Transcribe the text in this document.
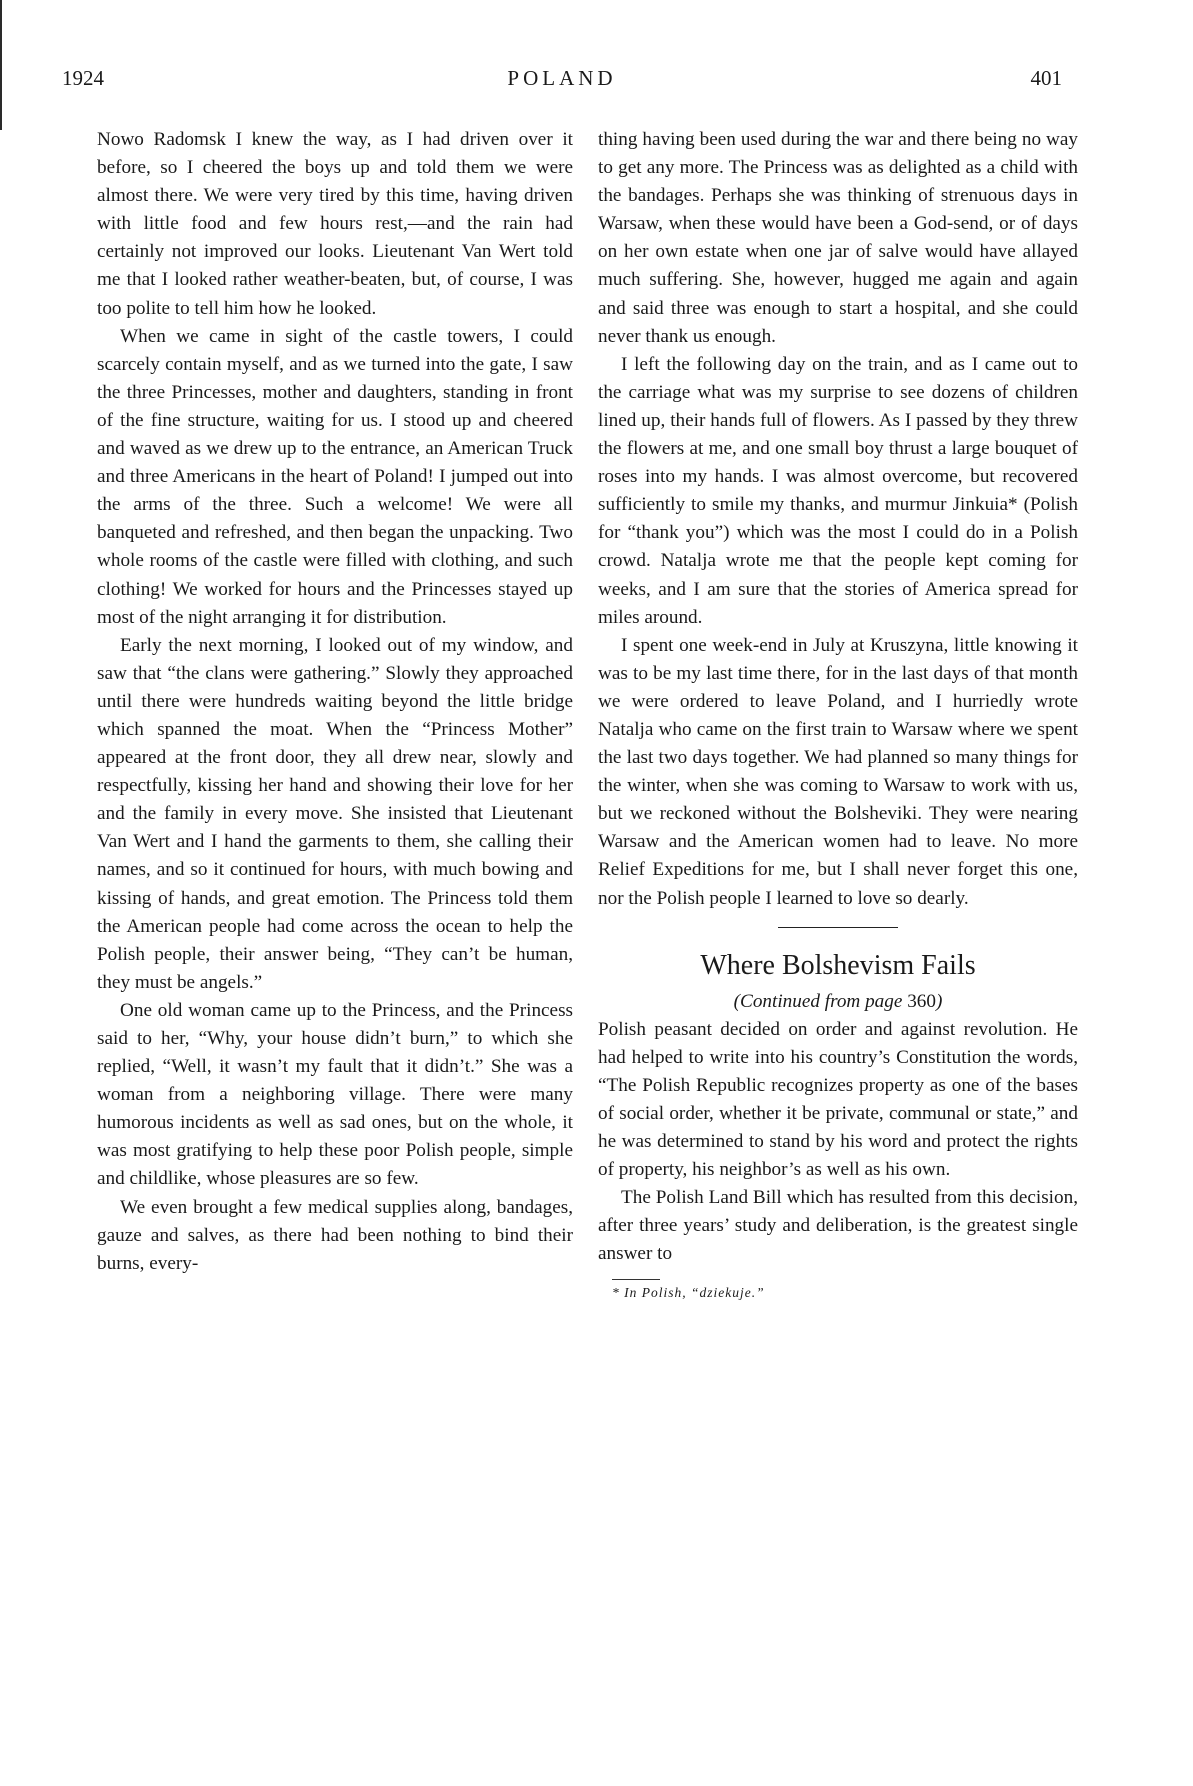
1924	POLAND	401

Nowo Radomsk I knew the way, as I had driven over it before, so I cheered the boys up and told them we were almost there. We were very tired by this time, having driven with little food and few hours rest,—and the rain had certainly not improved our looks. Lieutenant Van Wert told me that I looked rather weather-beaten, but, of course, I was too polite to tell him how he looked.

When we came in sight of the castle towers, I could scarcely contain myself, and as we turned into the gate, I saw the three Princesses, mother and daughters, standing in front of the fine structure, waiting for us. I stood up and cheered and waved as we drew up to the entrance, an American Truck and three Americans in the heart of Poland! I jumped out into the arms of the three. Such a welcome! We were all banqueted and refreshed, and then began the unpacking. Two whole rooms of the castle were filled with clothing, and such clothing! We worked for hours and the Princesses stayed up most of the night arranging it for distribution.

Early the next morning, I looked out of my window, and saw that “the clans were gathering.” Slowly they approached until there were hundreds waiting beyond the little bridge which spanned the moat. When the “Princess Mother” appeared at the front door, they all drew near, slowly and respectfully, kissing her hand and showing their love for her and the family in every move. She insisted that Lieutenant Van Wert and I hand the garments to them, she calling their names, and so it continued for hours, with much bowing and kissing of hands, and great emotion. The Princess told them the American people had come across the ocean to help the Polish people, their answer being, “They can’t be human, they must be angels.”

One old woman came up to the Princess, and the Princess said to her, “Why, your house didn’t burn,” to which she replied, “Well, it wasn’t my fault that it didn’t.” She was a woman from a neighboring village. There were many humorous incidents as well as sad ones, but on the whole, it was most gratifying to help these poor Polish people, simple and childlike, whose pleasures are so few.

We even brought a few medical supplies along, bandages, gauze and salves, as there had been nothing to bind their burns, every-

thing having been used during the war and there being no way to get any more. The Princess was as delighted as a child with the bandages. Perhaps she was thinking of strenuous days in Warsaw, when these would have been a God-send, or of days on her own estate when one jar of salve would have allayed much suffering. She, however, hugged me again and again and said three was enough to start a hospital, and she could never thank us enough.

I left the following day on the train, and as I came out to the carriage what was my surprise to see dozens of children lined up, their hands full of flowers. As I passed by they threw the flowers at me, and one small boy thrust a large bouquet of roses into my hands. I was almost overcome, but recovered sufficiently to smile my thanks, and murmur Jinkuia* (Polish for “thank you”) which was the most I could do in a Polish crowd. Natalja wrote me that the people kept coming for weeks, and I am sure that the stories of America spread for miles around.

I spent one week-end in July at Kruszyna, little knowing it was to be my last time there, for in the last days of that month we were ordered to leave Poland, and I hurriedly wrote Natalja who came on the first train to Warsaw where we spent the last two days together. We had planned so many things for the winter, when she was coming to Warsaw to work with us, but we reckoned without the Bolsheviki. They were nearing Warsaw and the American women had to leave. No more Relief Expeditions for me, but I shall never forget this one, nor the Polish people I learned to love so dearly.

Where Bolshevism Fails

(Continued from page 360)

Polish peasant decided on order and against revolution. He had helped to write into his country’s Constitution the words, “The Polish Republic recognizes property as one of the bases of social order, whether it be private, communal or state,” and he was determined to stand by his word and protect the rights of property, his neighbor’s as well as his own.

The Polish Land Bill which has resulted from this decision, after three years’ study and deliberation, is the greatest single answer to

* In Polish, “dziekuje.”
